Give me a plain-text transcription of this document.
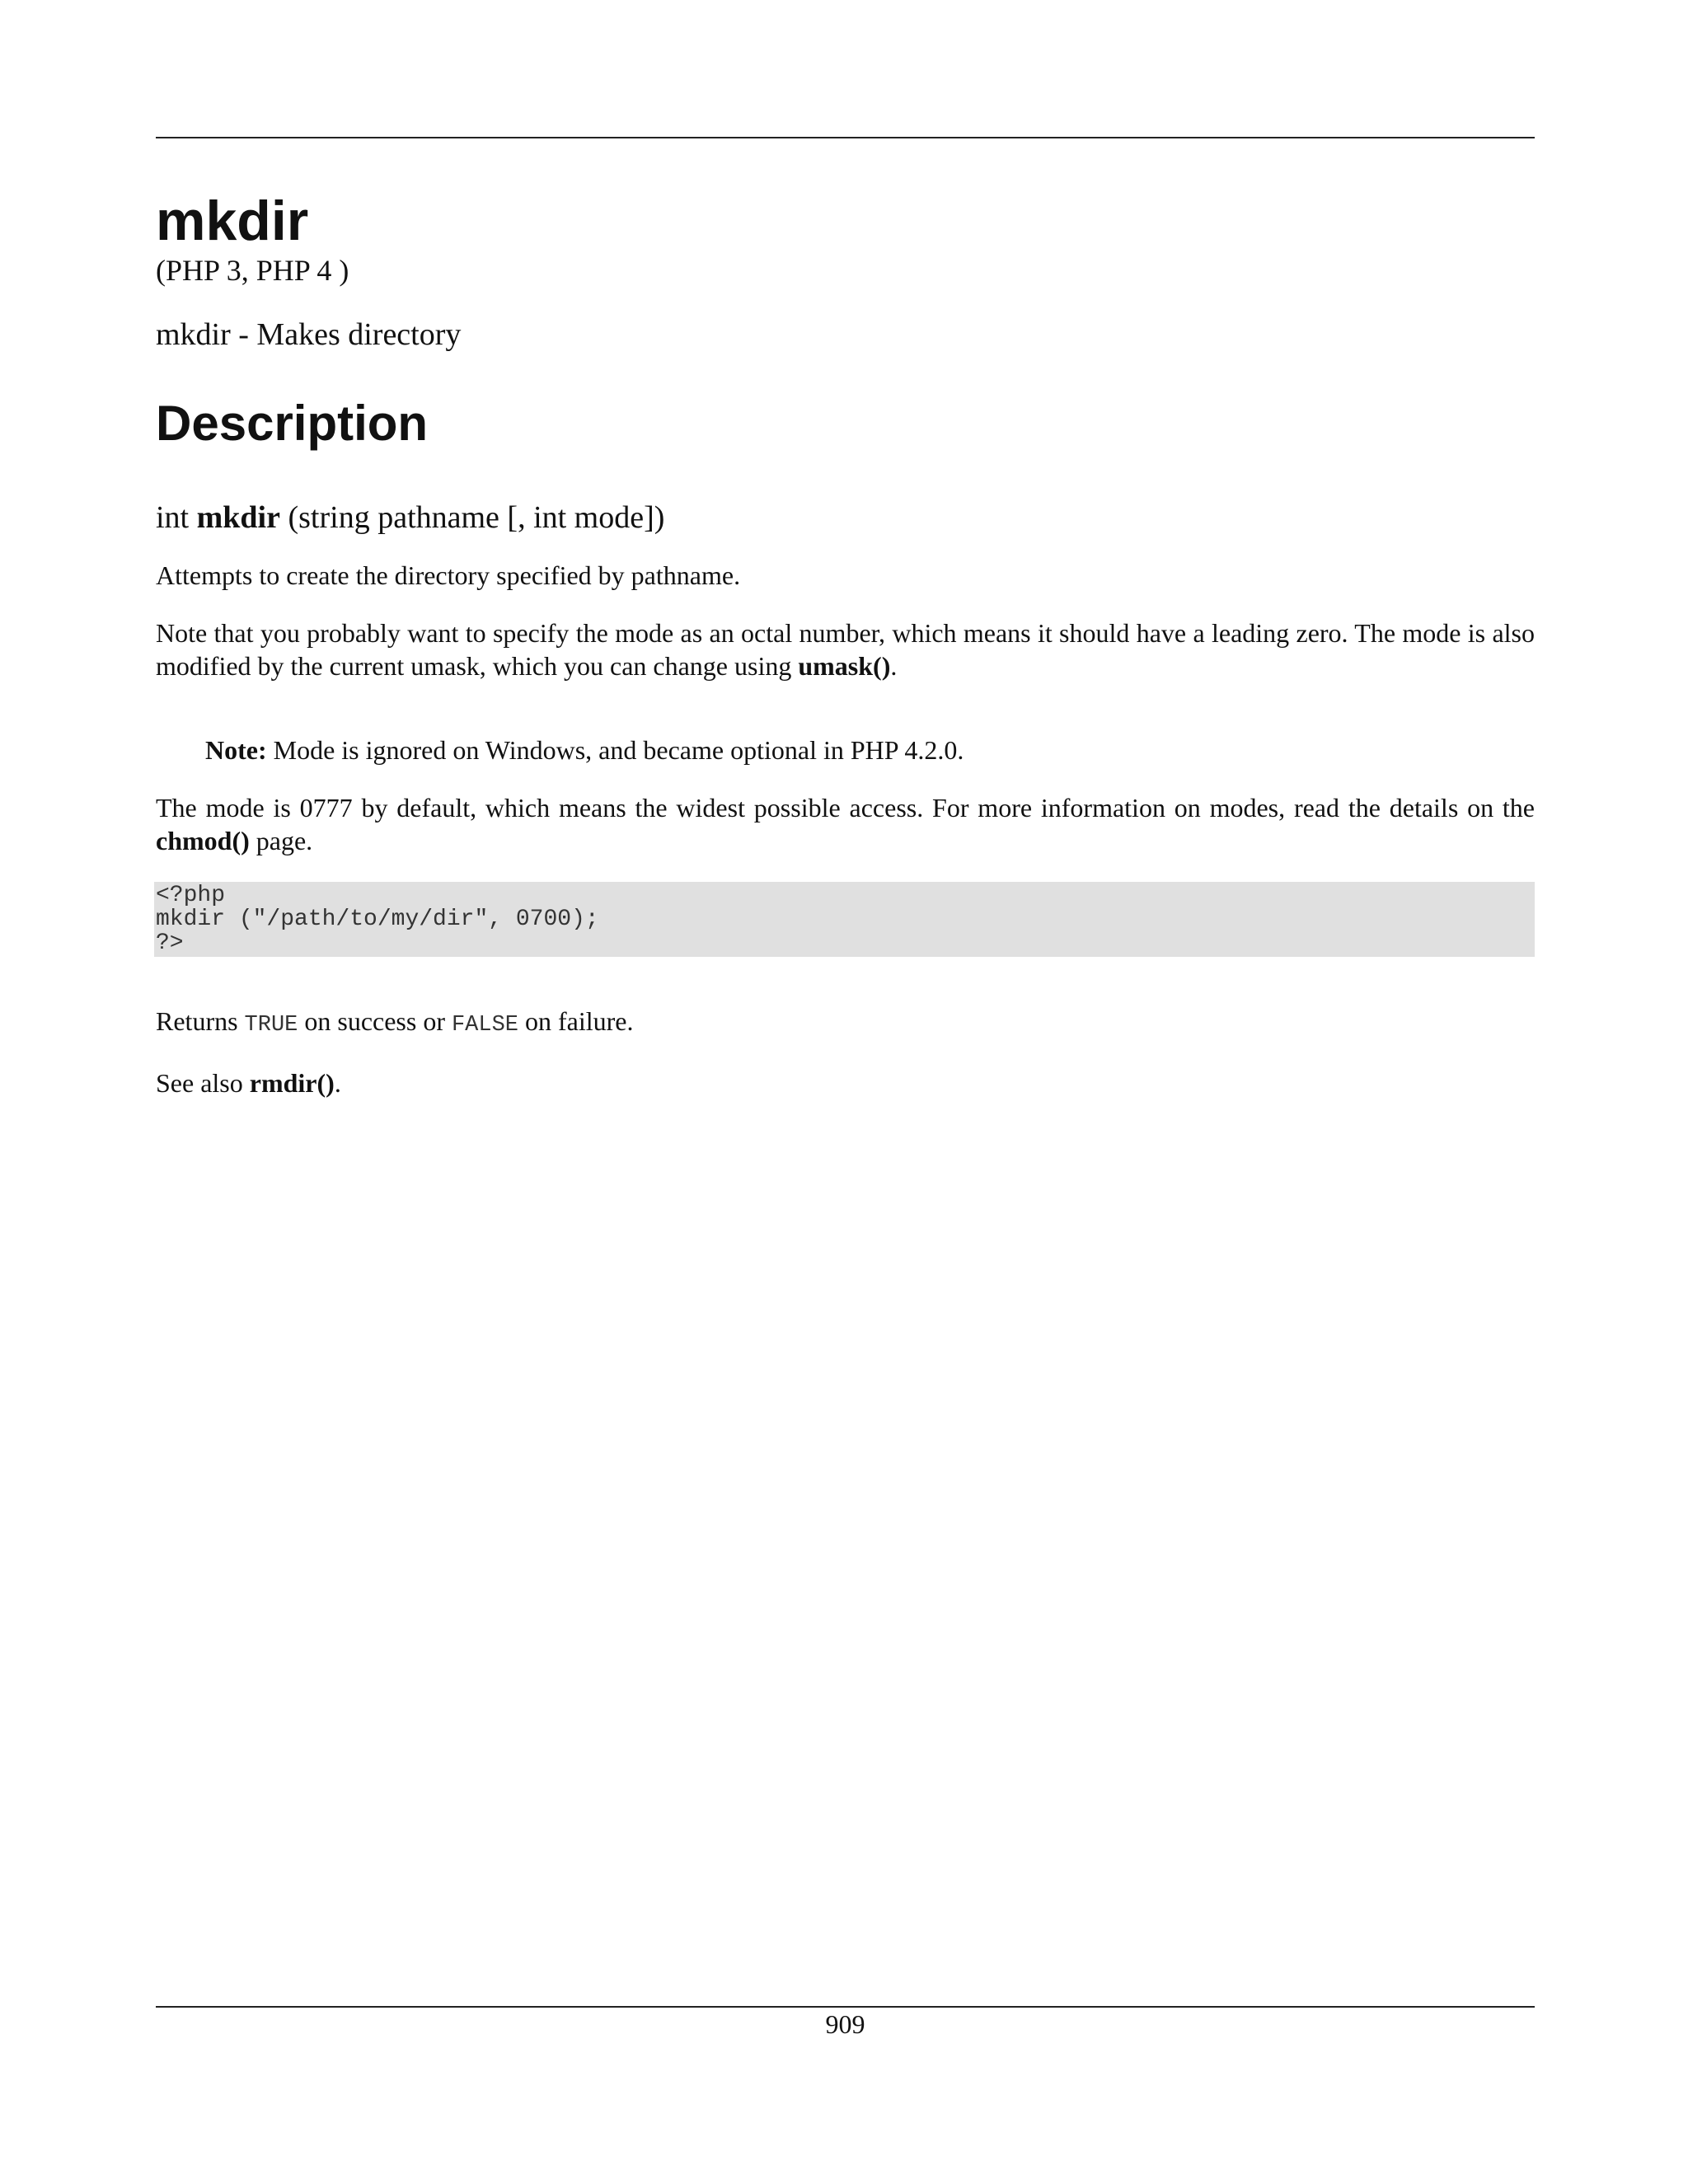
mkdir
(PHP 3, PHP 4 )
mkdir - Makes directory
Description
int mkdir (string pathname [, int mode])

Attempts to create the directory specified by pathname.

Note that you probably want to specify the mode as an octal number, which means it should have a leading zero. The mode is also modified by the current umask, which you can change using umask().

Note: Mode is ignored on Windows, and became optional in PHP 4.2.0.

The mode is 0777 by default, which means the widest possible access. For more information on modes, read the details on the chmod() page.

<?php
mkdir ("/path/to/my/dir", 0700);
?>

Returns TRUE on success or FALSE on failure.

See also rmdir().

909
